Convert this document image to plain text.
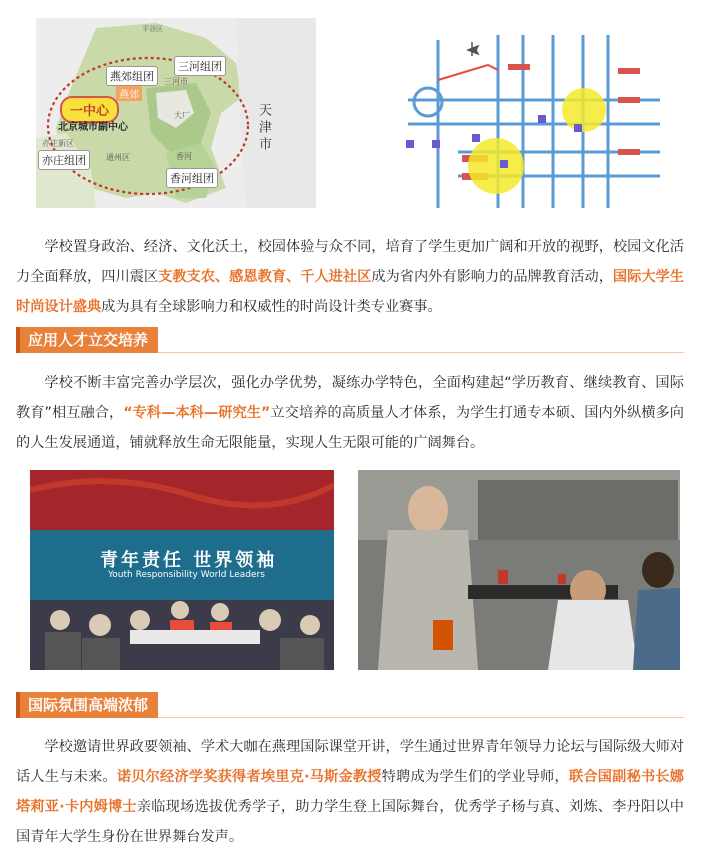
燕郊组团
燕郊
三河组团
三河市
一中心
北京城市副中心
亦庄新区
亦庄组团	通州区
大厂
香河
香河组团
平谷区
天津市
学校置身政治、经济、文化沃土，校园体验与众不同，培育了学生更加广阔和开放的视野，校园文化活力全面释放，四川震区支教支农、感恩教育、千人进社区成为省内外有影响力的品牌教育活动，国际大学生时尚设计盛典成为具有全球影响力和权威性的时尚设计类专业赛事。
应用人才立交培养
学校不断丰富完善办学层次，强化办学优势，凝练办学特色，全面构建起“学历教育、继续教育、国际教育”相互融合，“专科—本科—研究生”立交培养的高质量人才体系，为学生打通专本硕、国内外纵横多向的人生发展通道，铺就释放生命无限能量，实现人生无限可能的广阔舞台。
青年责任 世界领袖
Youth Responsibility World Leaders
国际氛围高端浓郁
学校邀请世界政要领袖、学术大咖在燕理国际课堂开讲，学生通过世界青年领导力论坛与国际级大师对话人生与未来。诺贝尔经济学奖获得者埃里克·马斯金教授特聘成为学生们的学业导师，联合国副秘书长娜塔莉亚·卡内姆博士亲临现场选拔优秀学子，助力学生登上国际舞台，优秀学子杨与真、刘炼、李丹阳以中国青年大学生身份在世界舞台发声。
